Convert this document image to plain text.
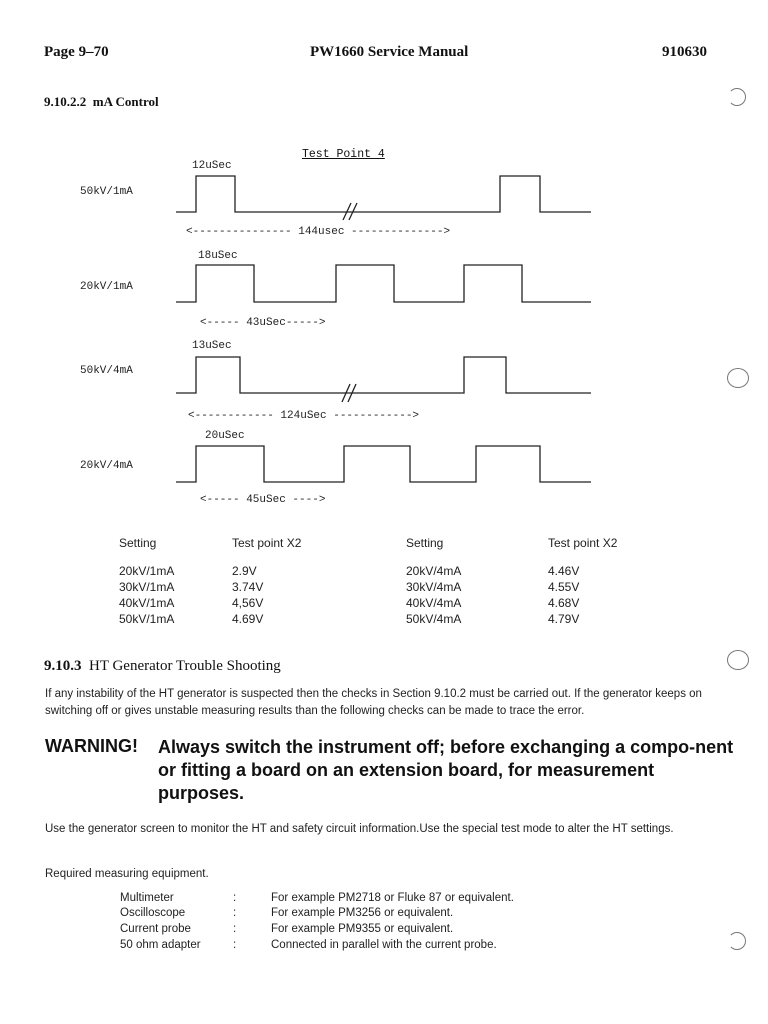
Page 9–70	PW1660 Service Manual	910630
9.10.2.2 mA Control
Test Point 4
50kV/1mA
12uSec
<--------------- 144usec -------------->
20kV/1mA
18uSec
<----- 43uSec----->
50kV/4mA
13uSec
<------------ 124uSec ------------>
20kV/4mA
20uSec
<----- 45uSec ---->
Setting	Test point X2	Setting	Test point X2
20kV/1mA	2.9V	20kV/4mA	4.46V
30kV/1mA	3.74V	30kV/4mA	4.55V
40kV/1mA	4,56V	40kV/4mA	4.68V
50kV/1mA	4.69V	50kV/4mA	4.79V
9.10.3 HT Generator Trouble Shooting
If any instability of the HT generator is suspected then the checks in Section 9.10.2 must be carried out. If the generator keeps on switching off or gives unstable measuring results than the following checks can be made to trace the error.
WARNING! Always switch the instrument off; before exchanging a compo-nent or fitting a board on an extension board, for measurement purposes.
Use the generator screen to monitor the HT and safety circuit information.Use the special test mode to alter the HT settings.
Required measuring equipment.
Multimeter	:	For example PM2718 or Fluke 87 or equivalent.
Oscilloscope	:	For example PM3256 or equivalent.
Current probe	:	For example PM9355 or equivalent.
50 ohm adapter	:	Connected in parallel with the current probe.
